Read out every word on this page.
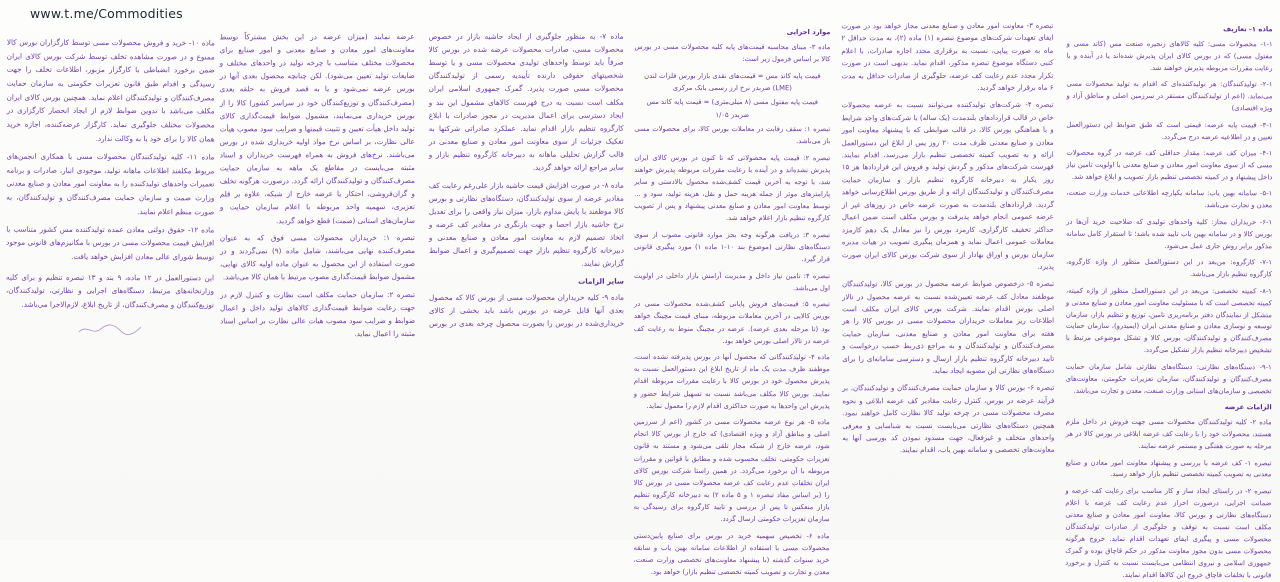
www.t.me/Commodities
ماده ۱- تعاریف
۱-۱- محصولات مسی: کلیه کالاهای زنجیره صنعت مس (کاتد مسی و مفتول مسی) که در بورس کالای ایران پذیرش شده‌اند یا در آینده و با رعایت مقررات مربوطه پذیرش خواهند شد.
۲-۱- تولیدکنندگان: هر تولیدکننده‌ای که اقدام به تولید محصولات مسی می‌نماید. (اعم از تولیدکنندگان مستقر در سرزمین اصلی و مناطق آزاد و ویژه اقتصادی)
۳-۱- قیمت پایه عرضه: قیمتی است که طبق ضوابط این دستورالعمل تعیین و در اطلاعیه عرضه درج می‌گردد.
۴-۱- میزان کف عرضه: مقدار حداقلی کف عرضه در گروه محصولات مسی که از سوی معاونت امور معادن و صنایع معدنی با اولویت تامین نیاز داخل پیشنهاد و در کمیته تخصصی تنظیم بازار تصویب و ابلاغ خواهد شد.
۵-۱- سامانه بهین یاب: سامانه یکپارچه اطلاعاتی خدمات وزارت صنعت، معدن و تجارت می‌باشد.
۶-۱- خریداران مجاز: کلیه واحدهای تولیدی که صلاحیت خرید آن‌ها در بورس کالا و در سامانه بهین یاب تایید شده باشد؛ تا استقرار کامل سامانه مذکور برابر روش جاری عمل می‌شود.
۷-۱- کارگروه: من‌بعد در این دستورالعمل منظور از واژه کارگروه، کارگروه تنظیم بازار می‌باشد.
۸-۱- کمیته تخصصی: من‌بعد در این دستورالعمل منظور از واژه کمیته، کمیته تخصصی است که با مسئولیت معاونت امور معادن و صنایع معدنی و متشکل از نمایندگان دفتر برنامه‌ریزی تامین، توزیع و تنظیم بازار، سازمان توسعه و نوسازی معادن و صنایع معدنی ایران (ایمیدرو)، سازمان حمایت مصرف‌کنندگان و تولیدکنندگان، بورس کالا و تشکل موضوعی مرتبط با تشخیص دبیرخانه تنظیم بازار تشکیل می‌گردد.
۹-۱- دستگاه‌های نظارتی: دستگاه‌های نظارتی شامل سازمان حمایت مصرف‌کنندگان و تولیدکنندگان، سازمان تعزیرات حکومتی، معاونت‌های تخصصی و سازمان‌های استانی وزارت صنعت، معدن و تجارت می‌باشد.
الزامات عرضه
ماده ۲- کلیه تولیدکنندگان محصولات مسی جهت فروش در داخل ملزم هستند، محصولات خود را با رعایت کف عرضه ابلاغی در بورس کالا در هر مرحله به صورت هفتگی و مستمر عرضه نمایند.
تبصره ۱- کف عرضه با بررسی و پیشنهاد معاونت امور معادن و صنایع معدنی به تصویب کمیته تخصصی تنظیم بازار خواهد رسید.
تبصره ۲- در راستای ایجاد ساز و کار مناسب برای رعایت کف عرضه و ضمانت اجرایی، درصورت احراز عدم رعایت کف عرضه با اعلام دستگاه‌های نظارتی و بورس کالا، معاونت امور معادن و صنایع معدنی مکلف است نسبت به توقف و جلوگیری از صادرات تولیدکنندگان محصولات مسی و پیگیری ایفای تعهدات اقدام نماید. خروج هرگونه محصولات مسی بدون مجوز معاونت مذکور در حکم قاچاق بوده و گمرک جمهوری اسلامی و نیروی انتظامی می‌بایست نسبت به کنترل و برخورد قانونی با تخلفات قاچاق خروج این کالاها اقدام نمایند.
تبصره ۳- معاونت امور معادن و صنایع معدنی مجاز خواهد بود در صورت ایفای تعهدات شرکت‌های موضوع تبصره (۱) ماده (۲)، به مدت حداقل ۲ ماه به صورت پیاپی، نسبت به برقراری مجدد اجازه صادرات، با اعلام کتبی دستگاه موضوع تبصره مذکور، اقدام نماید. بدیهی است در صورت تکرار مجدد عدم رعایت کف عرضه، جلوگیری از صادرات حداقل به مدت ۶ ماه برقرار خواهد گردید.
تبصره ۴- شرکت‌های تولیدکننده می‌توانند نسبت به عرضه محصولات خاص در قالب قراردادهای بلندمدت (یک ساله) با شرکت‌های واجد شرایط و با هماهنگی بورس کالا، در قالب ضوابطی که با پیشنهاد معاونت امور معادن و صنایع معدنی ظرف مدت ۲۰ روز پس از ابلاغ این دستورالعمل ارائه و به تصویب کمیته تخصصی تنظیم بازار می‌رسد، اقدام نمایند. فهرست شرکت‌های مذکور و گردش تولید و فروش این قراردادها هر ۱۵ روز یکبار به دبیرخانه کارگروه تنظیم بازار و سازمان حمایت مصرف‌کنندگان و تولیدکنندگان ارائه و از طریق بورس اطلاع‌رسانی خواهد گردید. قراردادهای بلندمدت به صورت عرضه خاص در روزهای غیر از عرضه عمومی انجام خواهد پذیرفت و بورس مکلف است ضمن اعمال حداکثر تخفیف کارگزاری، کارمزد بورس را نیز معادل یک دهم کارمزد معاملات عمومی اعمال نماید و همزمان پیگیری تصویب در هیات مدیره سازمان بورس و اوراق بهادار از سوی شرکت بورس کالای ایران صورت پذیرد.
تبصره ۵- درخصوص ضوابط عرضه محصول در بورس کالا، تولیدکنندگان موظفند معادل کف عرضه تعیین‌شده نسبت به عرضه محصول در تالار اصلی بورس اقدام نمایند. شرکت بورس کالای ایران مکلف است اطلاعات ریز معاملات خریداران محصولات مسی در بورس کالا را هر هفته برای معاونت امور معادن و صنایع معدنی، سازمان حمایت مصرف‌کنندگان و تولیدکنندگان و به مراجع ذی‌ربط حسب درخواست و تایید دبیرخانه کارگروه تنظیم بازار ارسال و دسترسی سامانه‌ای را برای دستگاه‌های نظارتی این مصوبه ایجاد نماید.
تبصره ۶- بورس کالا و سازمان حمایت مصرف‌کنندگان و تولیدکنندگان، بر فرآیند عرضه در بورس، کنترل رعایت مقادیر کف عرضه ابلاغی و نحوه مصرف محصولات مسی در چرخه تولید کالا نظارت کامل خواهند نمود. همچنین دستگاه‌های نظارتی می‌بایست نسبت به شناسایی و معرفی واحدهای متخلف و غیرفعال، جهت مسدود نمودن کد بورسی آنها به معاونت‌های تخصصی و سامانه بهین یاب، اقدام نمایند.
موارد اجرایی
ماده ۳- مبنای محاسبه قیمت‌های پایه کلیه محصولات مسی در بورس کالا بر اساس فرمول زیر است:
قیمت پایه کاتد مس = قیمت‌های نقدی بازار بورس فلزات لندن (LME) ضربدر نرخ ارز رسمی بانک مرکزی
قیمت پایه مفتول مسی (۸ میلی‌متری) = قیمت پایه کاتد مس ضربدر ۱/۰۵
تبصره ۱: سقف رقابت در معاملات بورس کالا، برای محصولات مسی باز می‌باشد.
تبصره ۲: قیمت پایه محصولاتی که تا کنون در بورس کالای ایران پذیرش نشده‌اند و در آینده با رعایت مقررات مربوطه پذیرش خواهند شد، با توجه به آخرین قیمت کشف‌شده محصول بالادستی و سایر پارامترهای موثر از جمله هزینه حمل و نقل، هزینه تولید، سود و ... توسط معاونت امور معادن و صنایع معدنی پیشنهاد و پس از تصویب کارگروه تنظیم بازار اعلام خواهد شد.
تبصره ۳: دریافت هرگونه وجه بجز موارد قانونی مصوب از سوی دستگاه‌های نظارتی (موضوع بند ۱۰-۱ ماده ۱) مورد پیگیری قانونی قرار گیرد.
تبصره ۴: تامین نیاز داخل و مدیریت آرامش بازار داخلی در اولویت اول می‌باشد.
تبصره ۵: قیمت‌های فروش پایانی کشف‌شده محصولات مسی در بورس کالایی در آخرین معاملات مربوطه، مبنای قیمت مچینگ خواهد بود (تا مرحله بعدی عرضه). عرضه در مچینگ منوط به رعایت کف عرضه در تالار اصلی بورس خواهد بود.
ماده ۴- تولیدکنندگانی که محصول آنها در بورس پذیرفته نشده است، موظفند ظرف مدت یک ماه از تاریخ ابلاغ این دستورالعمل نسبت به پذیرش محصول خود در بورس کالا با رعایت مقررات مربوطه اقدام نمایند. بورس کالا مکلف می‌باشد نسبت به تسهیل شرایط حضور و پذیرش این واحدها به صورت حداکثری اقدام لازم را معمول نماید.
ماده ۵- هر نوع عرضه محصولات مسی در کشور (اعم از سرزمین اصلی و مناطق آزاد و ویژه اقتصادی) که خارج از بورس کالا انجام شود، عرضه خارج از شبکه مجاز تلقی می‌شود و مستند به قانون تعزیرات حکومتی، تخلف محسوب شده و مطابق با قوانین و مقررات مربوطه با آن برخورد می‌گردد. در همین راستا شرکت بورس کالای ایران تخلفات عدم رعایت کف عرضه محصولات مسی در بورس کالا را (بر اساس مفاد تبصره ۱ و ۵ ماده ۲) به دبیرخانه کارگروه تنظیم بازار منعکس تا پس از بررسی و تایید کارگروه برای رسیدگی به سازمان تعزیرات حکومتی ارسال گردد.
ماده ۶- تخصیص سهمیه خرید در بورس برای صنایع پایین‌دستی محصولات مسی با استفاده از اطلاعات سامانه بهین یاب و سابقه خرید سنوات گذشته (با پیشنهاد معاونت‌های تخصصی وزارت صنعت، معدن و تجارت و تصویب کمیته تخصصی تنظیم بازار) خواهد بود.
ماده ۷- به منظور جلوگیری از ایجاد حاشیه بازار در خصوص محصولات مسی، صادرات محصولات عرضه شده در بورس کالا صرفاً باید توسط واحدهای تولیدی محصولات مسی و یا توسط شخصیتهای حقوقی دارنده تأییدیه رسمی از تولیدکنندگان محصولات مسی صورت پذیرد. گمرک جمهوری اسلامی ایران مکلف است نسبت به درج فهرست کالاهای مشمول این بند و ایجاد دسترسی برای اعمال مدیریت در مجوز صادرات با ابلاغ کارگروه تنظیم بازار اقدام نماید. عملکرد صادراتی شرکتها به تفکیک جزئیات از سوی معاونت امور معادن و صنایع معدنی در قالب گزارش تحلیلی ماهانه به دبیرخانه کارگروه تنظیم بازار و سایر مراجع ارائه خواهد گردید.
ماده ۸- در صورت افزایش قیمت حاشیه بازار علی‌رغم رعایت کف مقادیر عرضه از سوی تولیدکنندگان، دستگاه‌های نظارتی و بورس کالا موظفند با پایش مداوم بازار، میزان نیاز واقعی را برای تعدیل نرخ حاشیه بازار احصا و جهت بازنگری در مقادیر کف عرضه و اتخاذ تصمیم لازم به معاونت امور معادن و صنایع معدنی و دبیرخانه کارگروه تنظیم بازار جهت تصمیم‌گیری و اعمال ضوابط گزارش نمایند.
سایر الزامات
ماده ۹- کلیه خریداران محصولات مسی از بورس کالا که محصول بعدی آنها قابل عرضه در بورس باشد باید بخشی از کالای خریداری‌شده در بورس را بصورت محصول چرخه بعدی در بورس عرضه نمایند (میزان عرضه در این بخش مشترکاً توسط معاونت‌های امور معادن و صنایع معدنی و امور صنایع برای محصولات مختلف متناسب با چرخه تولید در واحدهای مختلف و ضایعات تولید تعیین می‌شود). لکن چنانچه محصول بعدی آنها در بورس عرضه نمی‌شود و یا به قصد فروش به حلقه بعدی (مصرف‌کنندگان و توزیع‌کنندگان خود در سراسر کشور) کالا را از بورس خریداری می‌نمایند، مشمول ضوابط قیمت‌گذاری کالای تولید داخل هیأت تعیین و تثبیت قیمتها و ضرایب سود مصوب هیأت عالی نظارت، بر اساس نرخ مواد اولیه خریداری شده در بورس می‌باشند. نرخ‌های فروش به همراه فهرست خریداران و اسناد مثبته می‌بایست در مقاطع یک ماهه به سازمان حمایت مصرف‌کنندگان و تولیدکنندگان ارائه گردد. درصورت هرگونه تخلف و گران‌فروشی، احتکار یا عرضه خارج از شبکه، علاوه بر قلم تعزیری، سهمیه واحد مربوطه با اعلام سازمان حمایت و سازمان‌های استانی (صمت) قطع خواهد گردید.
تبصره ۱: خریداران محصولات مسی فوق که به عنوان مصرف‌کننده نهایی می‌باشند، شامل ماده (۹) نمی‌گردند و در صورت استفاده از این محصول به عنوان ماده اولیه کالای نهایی، مشمول ضوابط قیمت‌گذاری مصوب مرتبط با همان کالا می‌باشد.
تبصره ۲: سازمان حمایت مکلف است نظارت و کنترل لازم در جهت رعایت ضوابط قیمت‌گذاری کالاهای تولید داخل و اعمال ضوابط و ضرایب سود مصوب هیات عالی نظارت بر اساس اسناد مثبته را اعمال نماید.
ماده ۱۰- خرید و فروش محصولات مسی توسط کارگزاران بورس کالا ممنوع و در صورت مشاهده تخلف توسط شرکت بورس کالای ایران ضمن برخورد انضباطی با کارگزار مزبور، اطلاعات تخلف را جهت رسیدگی و اقدام طبق قانون تعزیرات حکومتی به سازمان حمایت مصرف‌کنندگان و تولیدکنندگان اعلام نماید. همچنین بورس کالای ایران مکلف می‌باشد با تدوین ضوابط لازم از ایجاد انحصار کارگزاری در محصولات مختلف جلوگیری نماید. کارگزار عرضه‌کننده، اجازه خرید همان کالا را برای خود یا به وکالت ندارد.
ماده ۱۱- کلیه تولیدکنندگان محصولات مسی با همکاری انجمن‌های مربوط مکلفند اطلاعات ماهانه تولید، موجودی انبار، صادرات و برنامه تعمیرات واحدهای تولیدکننده را به معاونت امور معادن و صنایع معدنی وزارت صمت و سازمان حمایت مصرف‌کنندگان و تولیدکنندگان، به صورت منظم اعلام نمایند.
ماده ۱۲- حقوق دولتی معادن عمده تولیدکننده مس کشور متناسب با افزایش قیمت محصولات مسی در بورس با مکانیزم‌های قانونی موجود توسط شورای عالی معادن افزایش خواهد یافت.
این دستورالعمل در ۱۲ ماده، ۹ بند و ۱۳ تبصره تنظیم و برای کلیه وزارتخانه‌های مرتبط، دستگاه‌های اجرایی و نظارتی، تولیدکنندگان، توزیع‌کنندگان و مصرف‌کنندگان، از تاریخ ابلاغ، لازم‌الاجرا می‌باشد.
